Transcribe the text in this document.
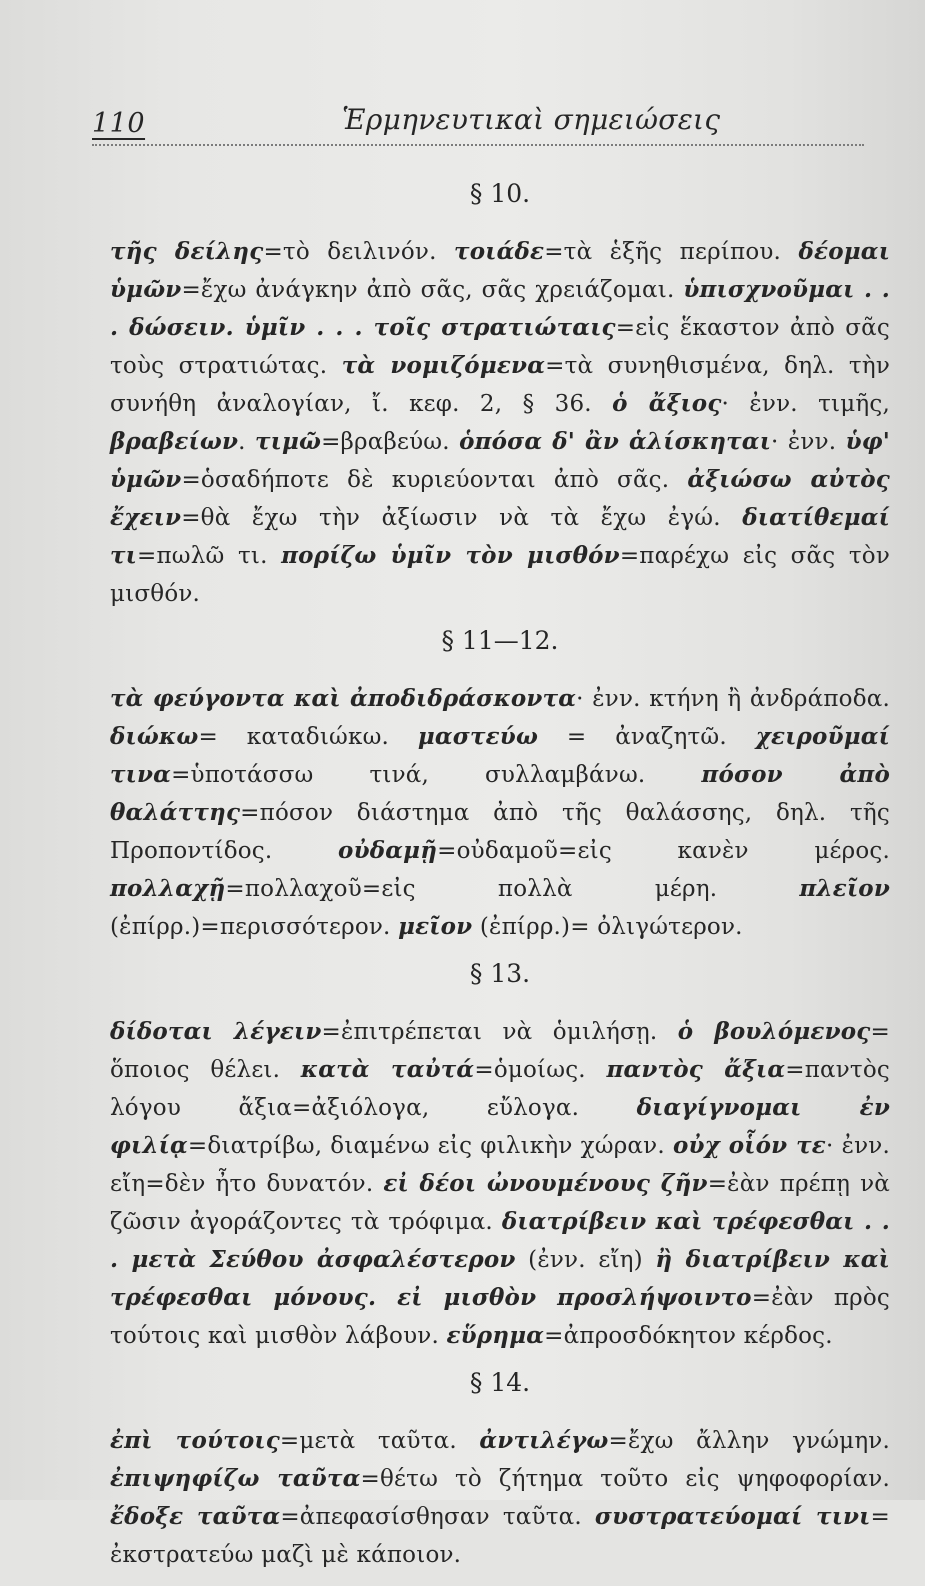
110	Ἑρμηνευτικαὶ σημειώσεις
§ 10.

τῆς δείλης=τὸ δειλινόν. τοιάδε=τὰ ἑξῆς περίπου. δέομαι ὑμῶν=ἔχω ἀνάγκην ἀπὸ σᾶς, σᾶς χρειάζομαι. ὑπισχνοῦμαι . . . δώσειν. ὑμῖν . . . τοῖς στρατιώταις=εἰς ἕκαστον ἀπὸ σᾶς τοὺς στρατιώτας. τὰ νομιζόμενα=τὰ συνηθισμένα, δηλ. τὴν συνήθη ἀναλογίαν, ἴ. κεφ. 2, § 36. ὁ ἄξιος· ἐνν. τιμῆς, βραβείων. τιμῶ=βραβεύω. ὁπόσα δ' ἂν ἁλίσκηται· ἐνν. ὑφ' ὑμῶν=ὁσαδήποτε δὲ κυριεύονται ἀπὸ σᾶς. ἀξιώσω αὐτὸς ἔχειν=θὰ ἔχω τὴν ἀξίωσιν νὰ τὰ ἔχω ἐγώ. διατίθεμαί τι=πωλῶ τι. πορίζω ὑμῖν τὸν μισθόν=παρέχω εἰς σᾶς τὸν μισθόν.

§ 11—12.

τὰ φεύγοντα καὶ ἀποδιδράσκοντα· ἐνν. κτήνη ἢ ἀνδράποδα. διώκω= καταδιώκω. μαστεύω = ἀναζητῶ. χειροῦμαί τινα=ὑποτάσσω τινά, συλλαμβάνω. πόσον ἀπὸ θαλάττης=πόσον διάστημα ἀπὸ τῆς θαλάσσης, δηλ. τῆς Προποντίδος. οὐδαμῇ=οὐδαμοῦ=εἰς κανὲν μέρος. πολλαχῇ=πολλαχοῦ=εἰς πολλὰ μέρη. πλεῖον (ἐπίρρ.)=περισσότερον. μεῖον (ἐπίρρ.)= ὀλιγώτερον.

§ 13.

δίδοται λέγειν=ἐπιτρέπεται νὰ ὁμιλήσῃ. ὁ βουλόμενος= ὅποιος θέλει. κατὰ ταὐτά=ὁμοίως. παντὸς ἄξια=παντὸς λόγου ἄξια=ἀξιόλογα, εὔλογα. διαγίγνομαι ἐν φιλίᾳ=διατρίβω, διαμένω εἰς φιλικὴν χώραν. οὐχ οἷόν τε· ἐνν. εἴη=δὲν ἦτο δυνατόν. εἰ δέοι ὠνουμένους ζῆν=ἐὰν πρέπῃ νὰ ζῶσιν ἀγοράζοντες τὰ τρόφιμα. διατρίβειν καὶ τρέφεσθαι . . . μετὰ Σεύθου ἀσφαλέστερον (ἐνν. εἴη) ἢ διατρίβειν καὶ τρέφεσθαι μόνους. εἰ μισθὸν προσλήψοιντο=ἐὰν πρὸς τούτοις καὶ μισθὸν λάβουν. εὕρημα=ἀπροσδόκητον κέρδος.

§ 14.

ἐπὶ τούτοις=μετὰ ταῦτα. ἀντιλέγω=ἔχω ἄλλην γνώμην. ἐπιψηφίζω ταῦτα=θέτω τὸ ζήτημα τοῦτο εἰς ψηφοφορίαν. ἔδοξε ταῦτα=ἀπεφασίσθησαν ταῦτα. συστρατεύομαί τινι= ἐκστρατεύω μαζὶ μὲ κάποιον.
